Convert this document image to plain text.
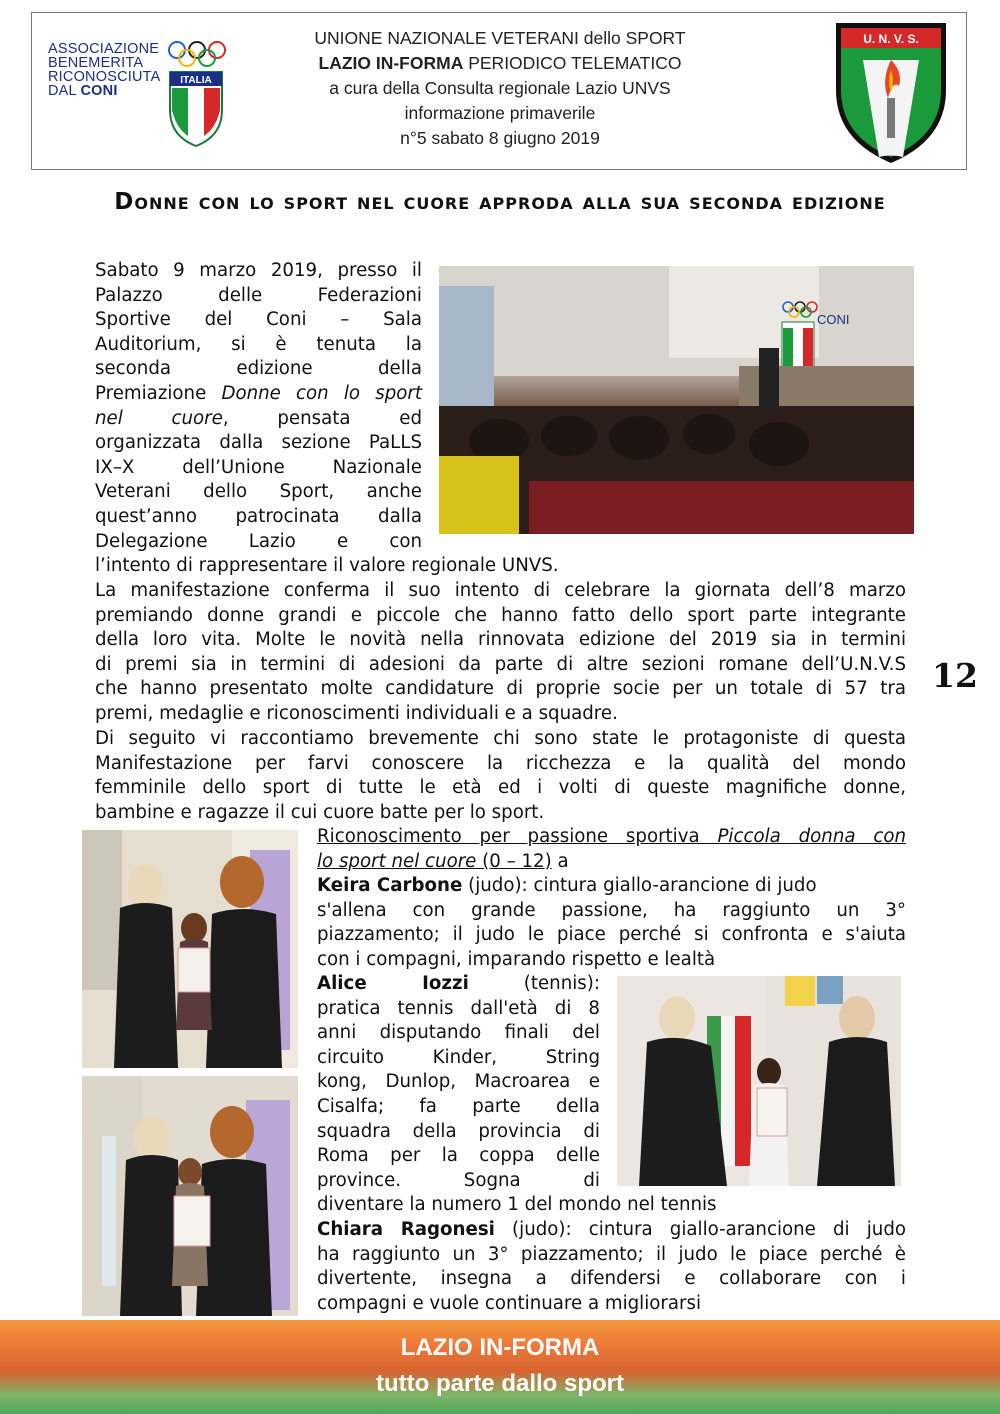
ASSOCIAZIONE
BENEMERITA
RICONOSCIUTA
DAL CONI
ITALIA
UNIONE NAZIONALE VETERANI dello SPORT
LAZIO IN-FORMA PERIODICO TELEMATICO
a cura della Consulta regionale Lazio UNVS
informazione primaverile
n°5 sabato 8 giugno 2019
U. N. V. S.
Donne con lo sport nel cuore approda alla sua seconda edizione
Sabato 9 marzo 2019, presso il
Palazzo delle Federazioni
Sportive del Coni – Sala
Auditorium, si è tenuta la
seconda edizione della
Premiazione Donne con lo sport
nel cuore, pensata ed
organizzata dalla sezione PaLLS
IX–X dell’Unione Nazionale
Veterani dello Sport, anche
quest’anno patrocinata dalla
Delegazione Lazio e con
CONI
l’intento di rappresentare il valore regionale UNVS.
La manifestazione conferma il suo intento di celebrare la giornata dell’8 marzo
premiando donne grandi e piccole che hanno fatto dello sport parte integrante
della loro vita. Molte le novità nella rinnovata edizione del 2019 sia in termini
di premi sia in termini di adesioni da parte di altre sezioni romane dell’U.N.V.S
che hanno presentato molte candidature di proprie socie per un totale di 57 tra
premi, medaglie e riconoscimenti individuali e a squadre.
Di seguito vi raccontiamo brevemente chi sono state le protagoniste di questa
Manifestazione per farvi conoscere la ricchezza e la qualità del mondo
femminile dello sport di tutte le età ed i volti di queste magnifiche donne,
bambine e ragazze il cui cuore batte per lo sport.
12
Riconoscimento per passione sportiva Piccola donna con
lo sport nel cuore (0 – 12) a
Keira Carbone (judo): cintura giallo-arancione di judo
s'allena con grande passione, ha raggiunto un 3°
piazzamento; il judo le piace perché si confronta e s'aiuta
con i compagni, imparando rispetto e lealtà
Alice Iozzi (tennis):
pratica tennis dall'età di 8
anni disputando finali del
circuito Kinder, String
kong, Dunlop, Macroarea e
Cisalfa; fa parte della
squadra della provincia di
Roma per la coppa delle
province. Sogna di
diventare la numero 1 del mondo nel tennis
Chiara Ragonesi (judo): cintura giallo-arancione di judo
ha raggiunto un 3° piazzamento; il judo le piace perché è
divertente, insegna a difendersi e collaborare con i
compagni e vuole continuare a migliorarsi
LAZIO IN-FORMA
tutto parte dallo sport
